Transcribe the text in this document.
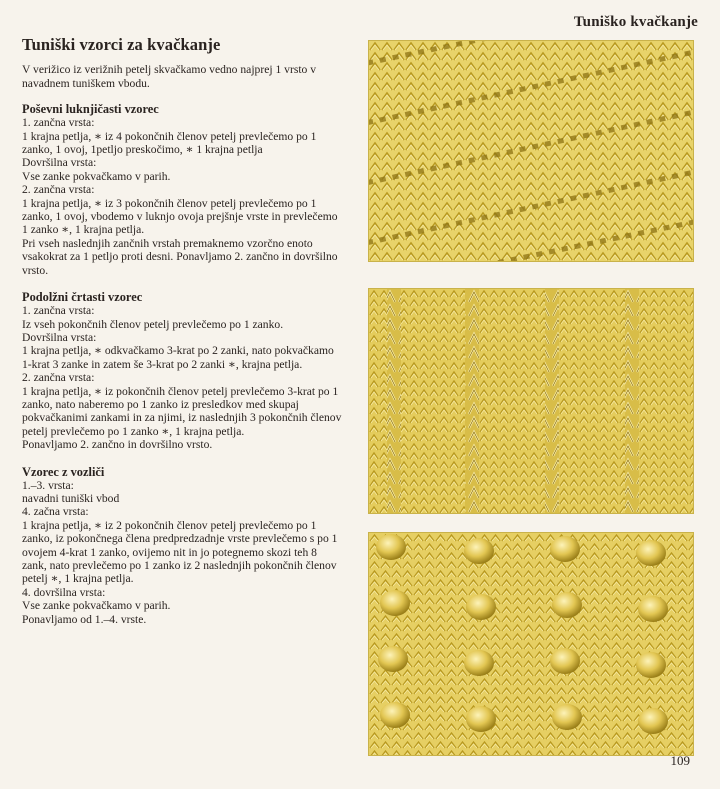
Tuniško kvačkanje
Tuniški vzorci za kvačkanje

V verižico iz verižnih petelj skvačkamo vedno najprej 1 vrsto v navadnem tuniškem vbodu.

Poševni luknjičasti vzorec
1. zančna vrsta:
1 krajna petlja, ∗ iz 4 pokončnih členov petelj prevlečemo po 1 zanko, 1 ovoj, 1petljo preskočimo, ∗ 1 krajna petlja
Dovršilna vrsta:
Vse zanke pokvačkamo v parih.
2. zančna vrsta:
1 krajna petlja, ∗ iz 3 pokončnih členov petelj prevlečemo po 1 zanko, 1 ovoj, vbodemo v luknjo ovoja prejšnje vrste in prevlečemo 1 zanko ∗, 1 krajna petlja.
Pri vseh naslednjih zančnih vrstah premaknemo vzorčno enoto vsakokrat za 1 petljo proti desni. Ponavljamo 2. zančno in dovršilno vrsto.
Podolžni črtasti vzorec
1. zančna vrsta:
Iz vseh pokončnih členov petelj prevlečemo po 1 zanko.
Dovršilna vrsta:
1 krajna petlja, ∗ odkvačkamo 3-krat po 2 zanki, nato pokvačkamo 1-krat 3 zanke in zatem še 3-krat po 2 zanki ∗, krajna petlja.
2. zančna vrsta:
1 krajna petlja, ∗ iz pokončnih členov petelj prevlečemo 3-krat po 1 zanko, nato naberemo po 1 zanko iz presledkov med skupaj pokvačkanimi zankami in za njimi, iz naslednjih 3 pokončnih členov petelj prevlečemo po 1 zanko ∗, 1 krajna petlja.
Ponavljamo 2. zančno in dovršilno vrsto.
Vzorec z vozliči
1.–3. vrsta:
navadni tuniški vbod
4. začna vrsta:
1 krajna petlja, ∗ iz 2 pokončnih členov petelj prevlečemo po 1 zanko, iz pokončnega člena predpredzadnje vrste prevlečemo s po 1 ovojem 4-krat 1 zanko, ovijemo nit in jo potegnemo skozi teh 8 zank, nato prevlečemo po 1 zanko iz 2 naslednjih pokončnih členov petelj ∗, 1 krajna petlja.
4. dovršilna vrsta:
Vse zanke pokvačkamo v parih.
Ponavljamo od 1.–4. vrste.
109
